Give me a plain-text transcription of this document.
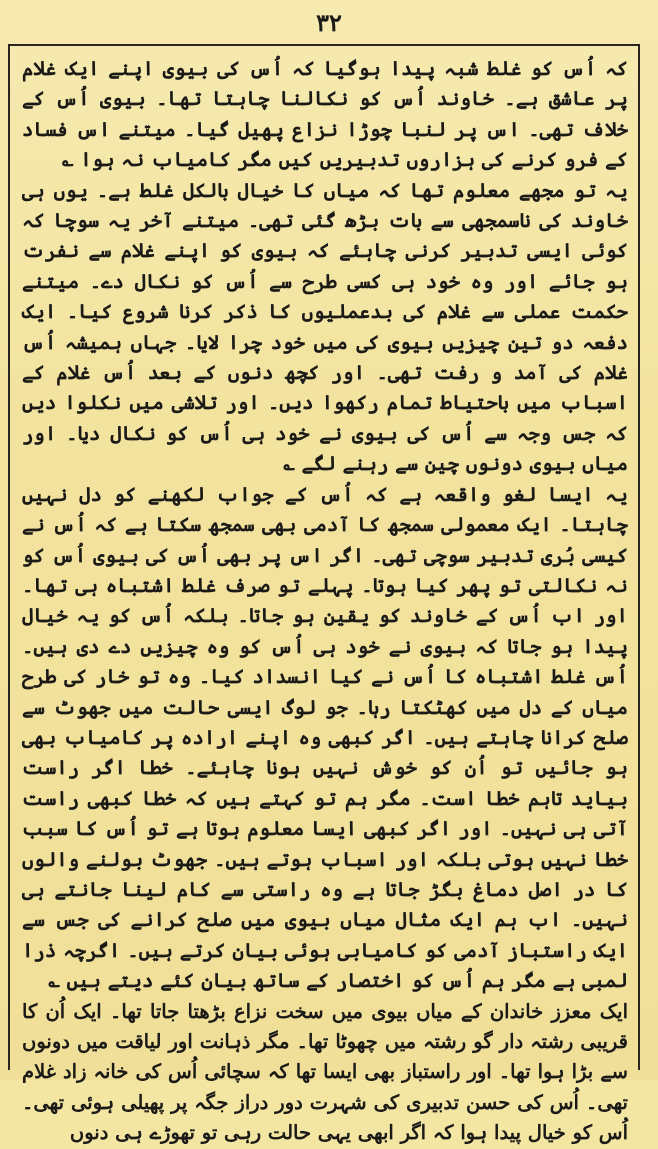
۳۲

کہ اُس کو غلط شبہ پیدا ہوگیا کہ اُس کی بیوی اپنے ایک غلام پر عاشق ہے۔ خاوند اُس کو نکالنا چاہتا تھا۔ بیوی اُس کے خلاف تھی۔ اس پر لنبا چوڑا نزاع پھیل گیا۔ میتنے اس فساد کے فرو کرنے کی ہزاروں تدبیریں کیں مگر کامیاب نہ ہوا ؎

یہ تو مجھے معلوم تھا کہ میاں کا خیال بالکل غلط ہے۔ یوں ہی خاوند کی ناسمجھی سے بات بڑھ گئی تھی۔ میتنے آخر یہ سوچا کہ کوئی ایسی تدبیر کرنی چاہئے کہ بیوی کو اپنے غلام سے نفرت ہو جائے اور وہ خود ہی کسی طرح سے اُس کو نکال دے۔ میتنے حکمت عملی سے غلام کی بدعملیوں کا ذکر کرنا شروع کیا۔ ایک دفعہ دو تین چیزیں بیوی کی میں خود چرا لایا۔ جہاں ہمیشہ اُس غلام کی آمد و رفت تھی۔ اور کچھ دنوں کے بعد اُس غلام کے اسباب میں باحتیاط تمام رکھوا دیں۔ اور تلاشی میں نکلوا دیں کہ جس وجہ سے اُس کی بیوی نے خود ہی اُس کو نکال دیا۔ اور میاں بیوی دونوں چین سے رہنے لگے ؎

یہ ایسا لغو واقعہ ہے کہ اُس کے جواب لکھنے کو دل نہیں چاہتا۔ ایک معمولی سمجھ کا آدمی بھی سمجھ سکتا ہے کہ اُس نے کیسی بُری تدبیر سوچی تھی۔ اگر اس پر بھی اُس کی بیوی اُس کو نہ نکالتی تو پھر کیا ہوتا۔ پہلے تو صرف غلط اشتباہ ہی تھا۔ اور اب اُس کے خاوند کو یقین ہو جاتا۔ بلکہ اُس کو یہ خیال پیدا ہو جاتا کہ بیوی نے خود ہی اُس کو وہ چیزیں دے دی ہیں۔ اُس غلط اشتباہ کا اُس نے کیا انسداد کیا۔ وہ تو خار کی طرح میاں کے دل میں کھٹکتا رہا۔ جو لوگ ایسی حالت میں جھوٹ سے صلح کرانا چاہتے ہیں۔ اگر کبھی وہ اپنے ارادہ پر کامیاب بھی ہو جائیں تو اُن کو خوش نہیں ہونا چاہئے۔ خطا اگر راست بیاید تاہم خطا است۔ مگر ہم تو کہتے ہیں کہ خطا کبھی راست آتی ہی نہیں۔ اور اگر کبھی ایسا معلوم ہوتا ہے تو اُس کا سبب خطا نہیں ہوتی بلکہ اور اسباب ہوتے ہیں۔ جھوٹ بولنے والوں کا در اصل دماغ بگڑ جاتا ہے وہ راستی سے کام لینا جانتے ہی نہیں۔ اب ہم ایک مثال میاں بیوی میں صلح کرانے کی جس سے ایک راستباز آدمی کو کامیابی ہوئی بیان کرتے ہیں۔ اگرچہ ذرا لمبی ہے مگر ہم اُس کو اختصار کے ساتھ بیان کئے دیتے ہیں ؎

ایک معزز خاندان کے میاں بیوی میں سخت نزاع بڑھتا جاتا تھا۔ ایک اُن کا قریبی رشتہ دار گو رشتہ میں چھوٹا تھا۔ مگر ذہانت اور لیاقت میں دونوں سے بڑا ہوا تھا۔ اور راستباز بھی ایسا تھا کہ سچائی اُس کی خانہ زاد غلام تھی۔ اُس کی حسن تدبیری کی شہرت دور دراز جگہ پر پھیلی ہوئی تھی۔ اُس کو خیال پیدا ہوا کہ اگر ابھی یہی حالت رہی تو تھوڑے ہی دنوں
